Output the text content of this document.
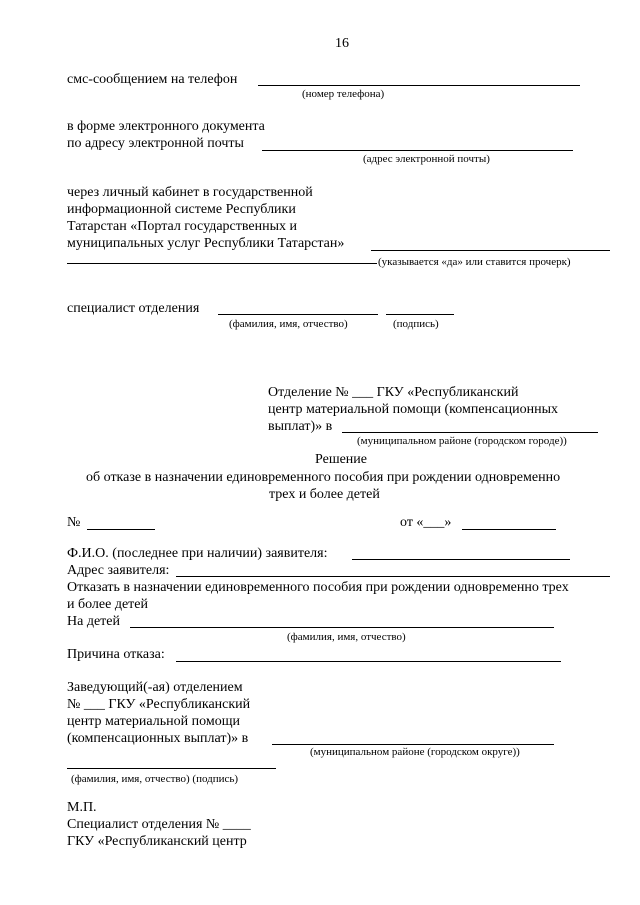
16
смс-сообщением на телефон
(номер телефона)
в форме электронного документа
по адресу электронной почты
(адрес электронной почты)
через личный кабинет в государственной
информационной системе Республики
Татарстан «Портал государственных и
муниципальных услуг Республики Татарстан»
(указывается «да» или ставится прочерк)
специалист отделения
(фамилия, имя, отчество)	(подпись)
Отделение № ___ ГКУ «Республиканский
центр материальной помощи (компенсационных
выплат)» в
(муниципальном районе (городском городе))
Решение
об отказе в назначении единовременного пособия при рождении одновременно
трех и более детей
№	от «___»
Ф.И.О. (последнее при наличии) заявителя:
Адрес заявителя:
Отказать в назначении единовременного пособия при рождении одновременно трех
и более детей
На детей
(фамилия, имя, отчество)
Причина отказа:
Заведующий(-ая) отделением
№ ___ ГКУ «Республиканский
центр материальной помощи
(компенсационных выплат)» в
(муниципальном районе (городском округе))
(фамилия, имя, отчество) (подпись)
М.П.
Специалист отделения № ____
ГКУ «Республиканский центр
